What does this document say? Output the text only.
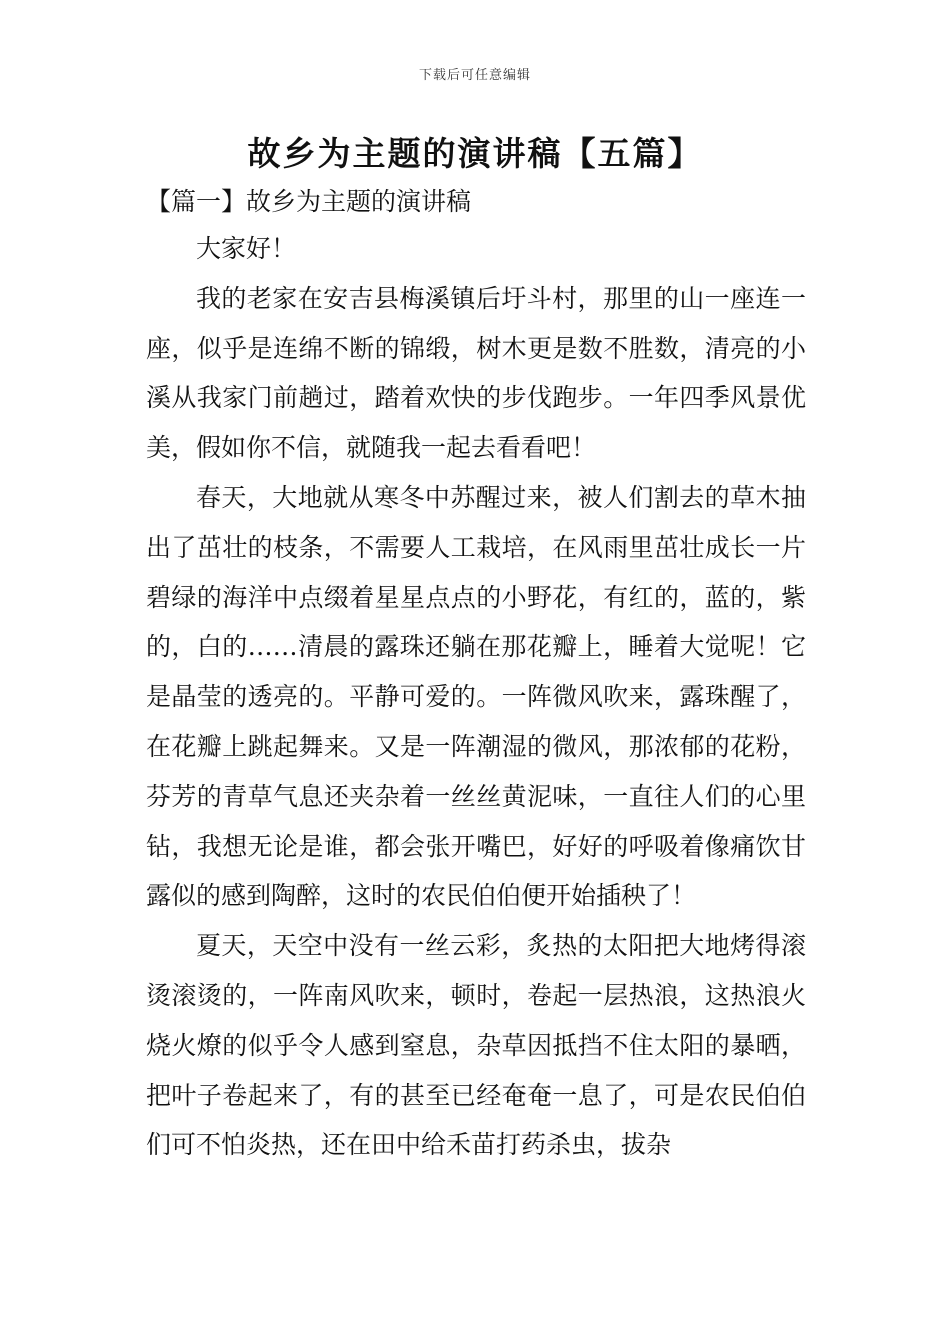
下载后可任意编辑
故乡为主题的演讲稿【五篇】
【篇一】故乡为主题的演讲稿

大家好！

我的老家在安吉县梅溪镇后圩斗村，那里的山一座连一座，似乎是连绵不断的锦缎，树木更是数不胜数，清亮的小溪从我家门前趟过，踏着欢快的步伐跑步。一年四季风景优美，假如你不信，就随我一起去看看吧！

春天，大地就从寒冬中苏醒过来，被人们割去的草木抽出了茁壮的枝条，不需要人工栽培，在风雨里茁壮成长一片碧绿的海洋中点缀着星星点点的小野花，有红的，蓝的，紫的，白的……清晨的露珠还躺在那花瓣上，睡着大觉呢！它是晶莹的透亮的。平静可爱的。一阵微风吹来，露珠醒了，在花瓣上跳起舞来。又是一阵潮湿的微风，那浓郁的花粉，芬芳的青草气息还夹杂着一丝丝黄泥味，一直往人们的心里钻，我想无论是谁，都会张开嘴巴，好好的呼吸着像痛饮甘露似的感到陶醉，这时的农民伯伯便开始插秧了！

夏天，天空中没有一丝云彩，炙热的太阳把大地烤得滚烫滚烫的，一阵南风吹来，顿时，卷起一层热浪，这热浪火烧火燎的似乎令人感到窒息，杂草因抵挡不住太阳的暴晒，把叶子卷起来了，有的甚至已经奄奄一息了，可是农民伯伯们可不怕炎热，还在田中给禾苗打药杀虫，拔杂
